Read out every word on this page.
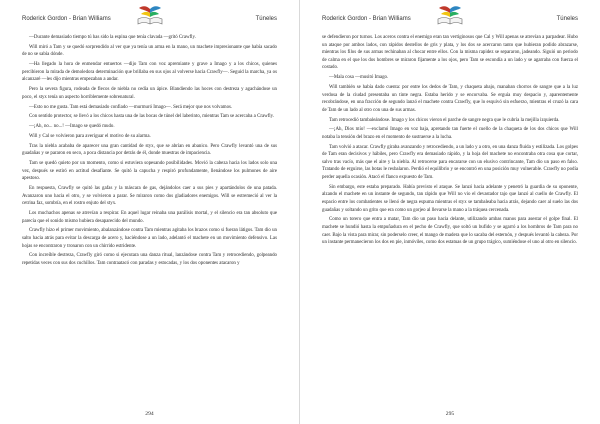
Roderick Gordon - Brian Williams	Túneles

—Durante demasiado tiempo tú has sido la espina que tenía clavada —gritó Crawfly.

Will miró a Tam y se quedó sorprendido al ver que ya tenía un arma en la mano, un machete impresionante que había sacado de no se sabía dónde.

—Ha llegado la hora de enmendar entuertos —dijo Tam con voz apremiante y grave a Imago y a los chicos, quienes percibieron la mirada de demoledora determinación que brillaba en sus ojos al volverse hacia Crawfly—. Seguid la marcha, ya os alcanzaré —les dijo mientras empezaban a andar.

Pero la severa figura, rodeada de flecos de niebla no cedía un ápice. Blandiendo las hoces con destreza y agachándose un poco, el styx tenía un aspecto horriblemente sobrenatural.

—Esto no me gusta. Tam está demasiado confiado —murmuró Imago—. Será mejor que nos volvamos.

Con sentido protector, se llevó a los chicos hasta una de las bocas de túnel del laberinto, mientras Tam se acercaba a Crawfly.

—¡Ah, no... no...! —Imago se quedó mudo.

Will y Cal se volvieron para averiguar el motivo de su alarma.

Tras la niebla acababa de aparecer una gran cantidad de styx, que se abrían en abanico. Pero Crawfly levantó una de sus guadañas y se pararon en seco, a poca distancia por detrás de él, donde muestras de impaciencia.

Tam se quedó quieto por un momento, como si estuviera sopesando posibilidades. Movió la cabeza hacia los lados solo una vez, después se estiró en actitud desafiante. Se quitó la capucha y respiró profundamente, llenándose los pulmones de aire apestoso.

En respuesta, Crawfly se quitó las gafas y la máscara de gas, dejándolos caer a sus pies y apartándolos de una patada. Avanzaron uno hacia el otro, y se volvieron a parar. Se miraron como dos gladiadores enemigos. Will se estremeció al ver la cetrina faz, sombría, en el rostro enjuto del styx.

Los muchachos apenas se atrevían a respirar. En aquel lugar reinaba una parálisis mortal, y el silencio era tan absoluto que parecía que el sonido mismo hubiera desaparecido del mundo.

Crawfly hizo el primer movimiento, abalanzándose contra Tam mientras agitaba los brazos como si fueran látigos. Tam dio un salto hacia atrás para evitar la descarga de acero y, haciéndose a un lado, adelantó el machete en un movimiento defensivo. Las hojas se encontraron y tronaron con un chirrido estridente.

Con increíble destreza, Crawfly giró como si ejecutara una danza ritual, lanzándose contra Tam y retrocediendo, golpeando repetidas veces con sus dos cuchillos. Tam contraatacó con paradas y estocadas, y los dos oponentes atacaron y

294
Roderick Gordon - Brian Williams	Túneles

se defendieron por turnos. Los aceros contra el enemigo eran tan vertiginosos que Cal y Will apenas se atrevían a parpadear. Hubo un ataque por ambos lados, con rápidos destellos de gris y plata, y los dos se acercaron tanto que hubieran podido abrazarse, mientras los filos de sus armas rechinaban al chocar entre ellos. Con la misma rapidez se separaron, jadeando. Siguió un periodo de calma en el que los dos hombres se miraron fijamente a los ojos, pero Tam se escondía a un lado y se agarraba con fuerza el costado.

—Mala cosa —musitó Imago.

Will también se había dado cuenta: por entre los dedos de Tam, y chaqueta abajo, manaban chorros de sangre que a la luz verdosa de la ciudad presentaba un tinte negra. Estaba herido y se encorvaba. Se erguía muy despacio y, aparentemente recobrándose, en una fracción de segundo lanzó el machete contra Crawfly, que lo esquivó sin esfuerzo, mientras el cruzó la cara de Tam de un lado al otro con una de sus armas.

Tam retrocedió tambaleándose. Imago y los chicos vieron el parche de sangre negra que le cubría la mejilla izquierda.

—¡Ah, Dios mío! —exclamó Imago en voz baja, apretando tan fuerte el cuello de la chaqueta de los dos chicos que Will notaba la tensión del brazo en el momento de sustraerse a la lucha.

Tam volvió a atacar. Crawfly giraba avanzando y retrocediendo, a un lado y a otro, en una danza fluida y estilizada. Los golpes de Tam eran decisivos y hábiles, pero Crawfly era demasiado rápido, y la hoja del machete no encontraba otra cosa que cortar, salvo tras vacío, más que el aire y la niebla. Al retrocerse para encararse con un elusivo contrincante, Tam dio un paso en falso. Tratando de erguirse, las botas le resbalaron. Perdió el equilibrio y se encontró en una posición muy vulnerable. Crawfly no podía perder aquella ocasión. Atacó el flanco expuesto de Tam.

Sin embargo, este estaba preparado. Había previsto el ataque. Se lanzó hacia adelante y penetró la guardia de su oponente, alzando el machete en un instante de segundo, tan rápido que Will no vio el devastador tajo que lanzó al cuello de Crawfly. El espacio entre los combatientes se llenó de negra espuma mientras el styx se tambaleaba hacia atrás, dejando caer al suelo las dos guadañas y soltando un grito que era como un gorjeo al llevarse la mano a la tráquea cercenada.

Como un torero que entra a matar, Tam dio un paso hacia delante, utilizando ambas manos para asestar el golpe final. El machete se hundió hasta la empuñadura en el pecho de Crawfly, que soltó un bufido y se agarró a los hombros de Tam para no caer. Bajo la vista para mirar, sin poderselo creer, el mango de madera que lo sacaba del esternón, y después levantó la cabeza. Por un instante permanecieron los dos en pie, inmóviles, como dos estatuas de un grupo trágico, sumiéndose el uno al otro en silencio.

295
